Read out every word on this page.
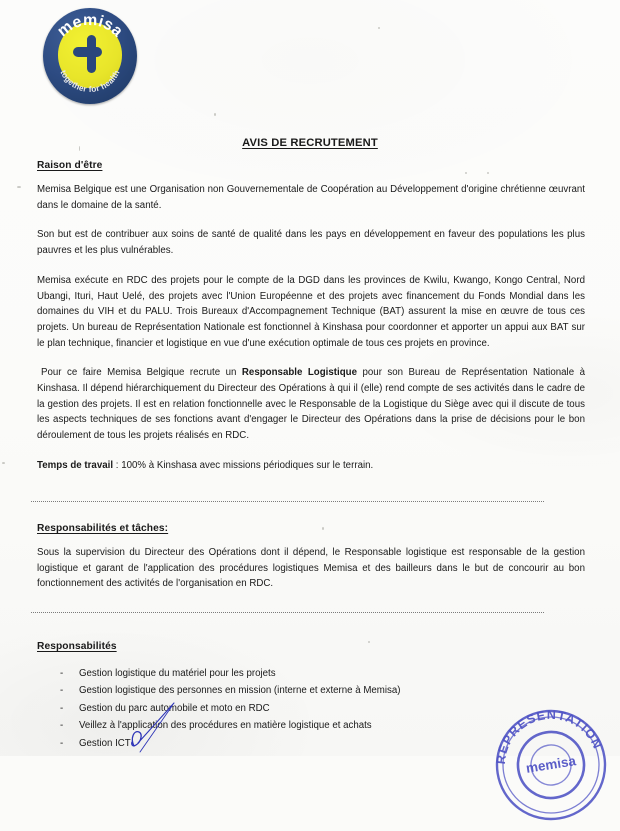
memisa
together for health
AVIS DE RECRUTEMENT
Raison d'être

Memisa Belgique est une Organisation non Gouvernementale de Coopération au Développement d'origine chrétienne œuvrant dans le domaine de la santé.

Son but est de contribuer aux soins de santé de qualité dans les pays en développement en faveur des populations les plus pauvres et les plus vulnérables.

Memisa exécute en RDC des projets pour le compte de la DGD dans les provinces de Kwilu, Kwango, Kongo Central, Nord Ubangi, Ituri, Haut Uelé, des projets avec l'Union Européenne et des projets avec financement du Fonds Mondial dans les domaines du VIH et du PALU. Trois Bureaux d'Accompagnement Technique (BAT) assurent la mise en œuvre de tous ces projets. Un bureau de Représentation Nationale est fonctionnel à Kinshasa pour coordonner et apporter un appui aux BAT sur le plan technique, financier et logistique en vue d'une exécution optimale de tous ces projets en province.

Pour ce faire Memisa Belgique recrute un Responsable Logistique pour son Bureau de Représentation Nationale à Kinshasa. Il dépend hiérarchiquement du Directeur des Opérations à qui il (elle) rend compte de ses activités dans le cadre de la gestion des projets. Il est en relation fonctionnelle avec le Responsable de la Logistique du Siège avec qui il discute de tous les aspects techniques de ses fonctions avant d'engager le Directeur des Opérations dans la prise de décisions pour le bon déroulement de tous les projets réalisés en RDC.

Temps de travail : 100% à Kinshasa avec missions périodiques sur le terrain.

Responsabilités et tâches:

Sous la supervision du Directeur des Opérations dont il dépend, le Responsable logistique est responsable de la gestion logistique et garant de l'application des procédures logistiques Memisa et des bailleurs dans le but de concourir au bon fonctionnement des activités de l'organisation en RDC.

Responsabilités
- Gestion logistique du matériel pour les projets
- Gestion logistique des personnes en mission (interne et externe à Memisa)
- Gestion du parc automobile et moto en RDC
- Veillez à l'application des procédures en matière logistique et achats
- Gestion ICT
REPRESENTATION
memisa
